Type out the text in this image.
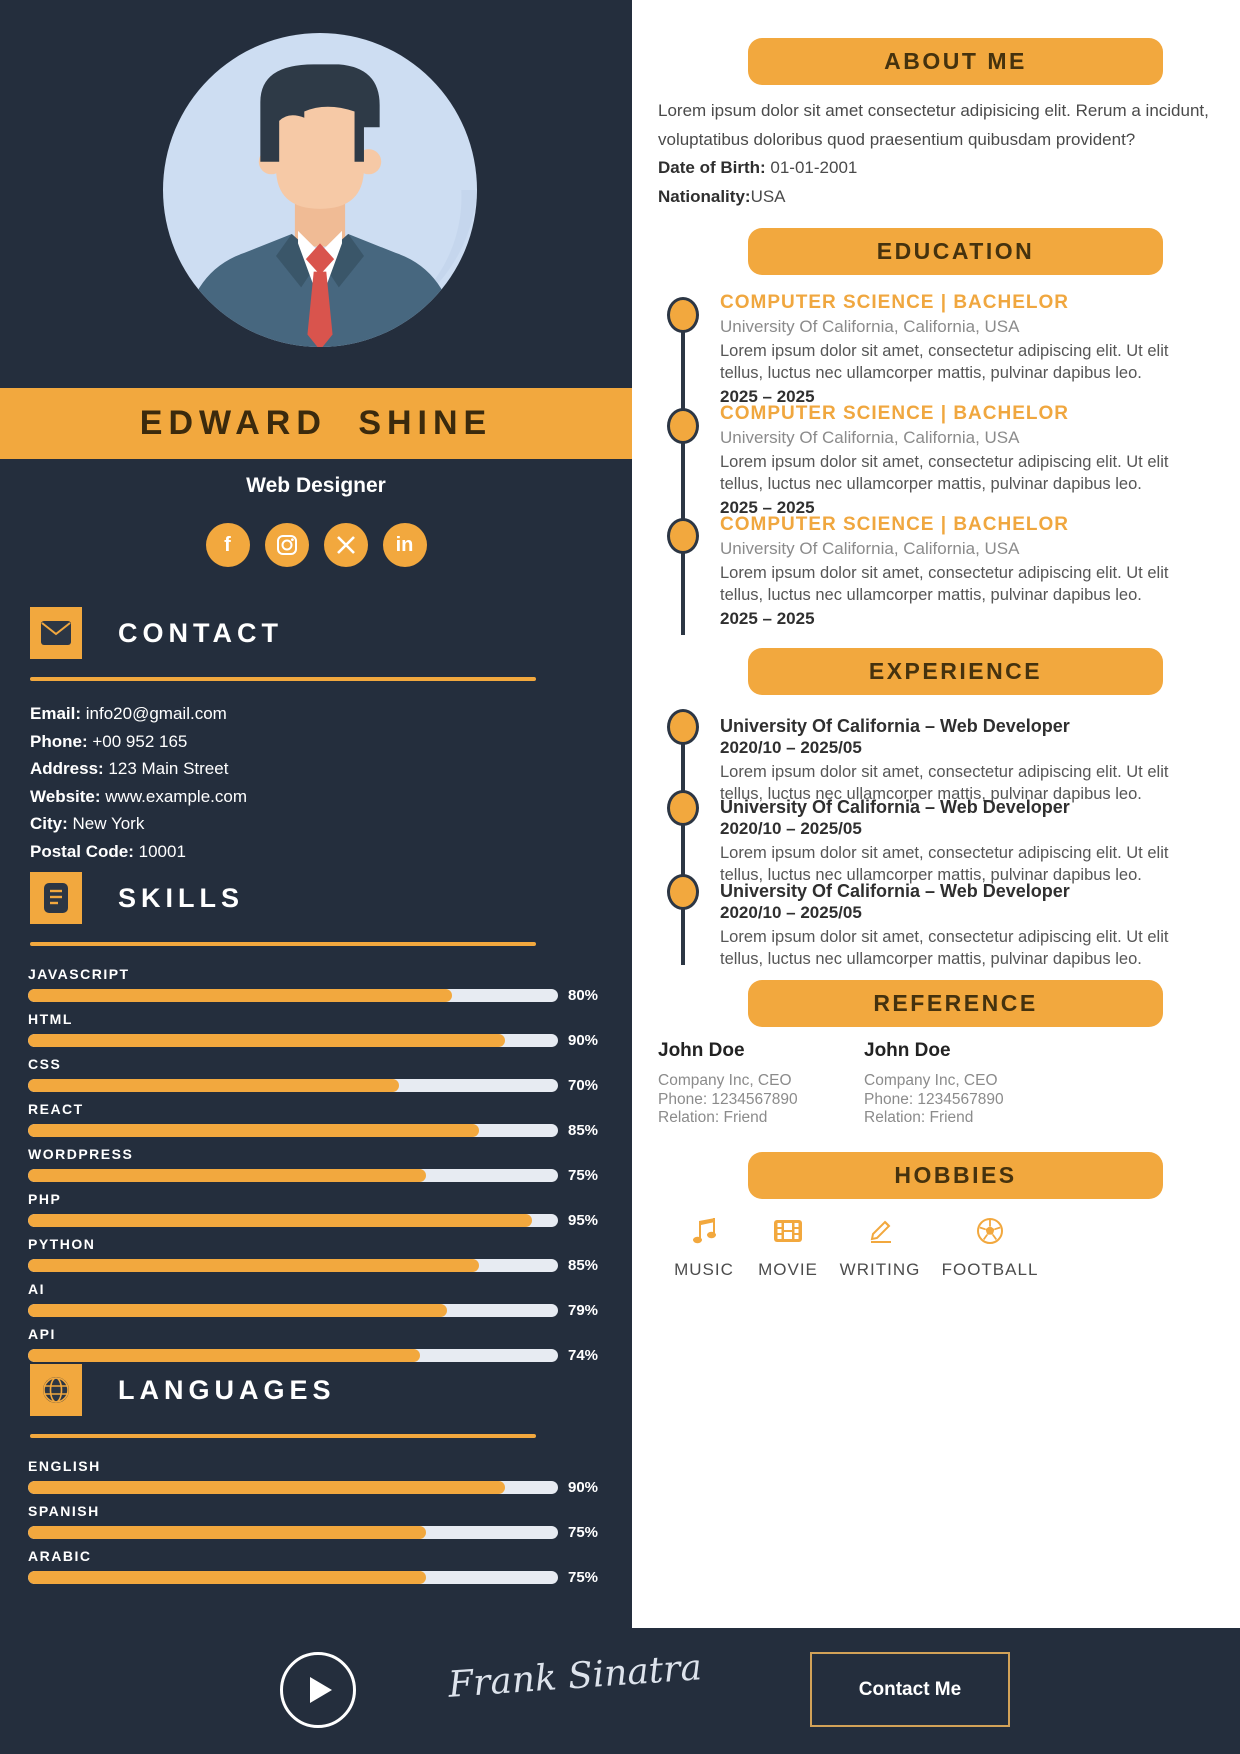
EDWARD SHINE
Web Designer
f	in
CONTACT
Email: info20@gmail.com
Phone: +00 952 165
Address: 123 Main Street
Website: www.example.com
City: New York
Postal Code: 10001
SKILLS
JAVASCRIPT
80%
HTML
90%
CSS
70%
REACT
85%
WORDPRESS
75%
PHP
95%
PYTHON
85%
AI
79%
API
74%
LANGUAGES
ENGLISH
90%
SPANISH
75%
ARABIC
75%
ABOUT ME
Lorem ipsum dolor sit amet consectetur adipisicing elit. Rerum a incidunt,
voluptatibus doloribus quod praesentium quibusdam provident?
Date of Birth: 01-01-2001
Nationality:USA
EDUCATION
COMPUTER SCIENCE | BACHELOR
University Of California, California, USA
Lorem ipsum dolor sit amet, consectetur adipiscing elit. Ut elit tellus, luctus nec ullamcorper mattis, pulvinar dapibus leo.
2025 – 2025
COMPUTER SCIENCE | BACHELOR
University Of California, California, USA
Lorem ipsum dolor sit amet, consectetur adipiscing elit. Ut elit tellus, luctus nec ullamcorper mattis, pulvinar dapibus leo.
2025 – 2025
COMPUTER SCIENCE | BACHELOR
University Of California, California, USA
Lorem ipsum dolor sit amet, consectetur adipiscing elit. Ut elit tellus, luctus nec ullamcorper mattis, pulvinar dapibus leo.
2025 – 2025
EXPERIENCE
University Of California – Web Developer
2020/10 – 2025/05
Lorem ipsum dolor sit amet, consectetur adipiscing elit. Ut elit tellus, luctus nec ullamcorper mattis, pulvinar dapibus leo.
University Of California – Web Developer
2020/10 – 2025/05
Lorem ipsum dolor sit amet, consectetur adipiscing elit. Ut elit tellus, luctus nec ullamcorper mattis, pulvinar dapibus leo.
University Of California – Web Developer
2020/10 – 2025/05
Lorem ipsum dolor sit amet, consectetur adipiscing elit. Ut elit tellus, luctus nec ullamcorper mattis, pulvinar dapibus leo.
REFERENCE
John Doe
Company Inc, CEO
Phone: 1234567890
Relation: Friend
John Doe
Company Inc, CEO
Phone: 1234567890
Relation: Friend
HOBBIES
MUSIC MOVIE WRITING FOOTBALL
Frank Sinatra	Contact Me
